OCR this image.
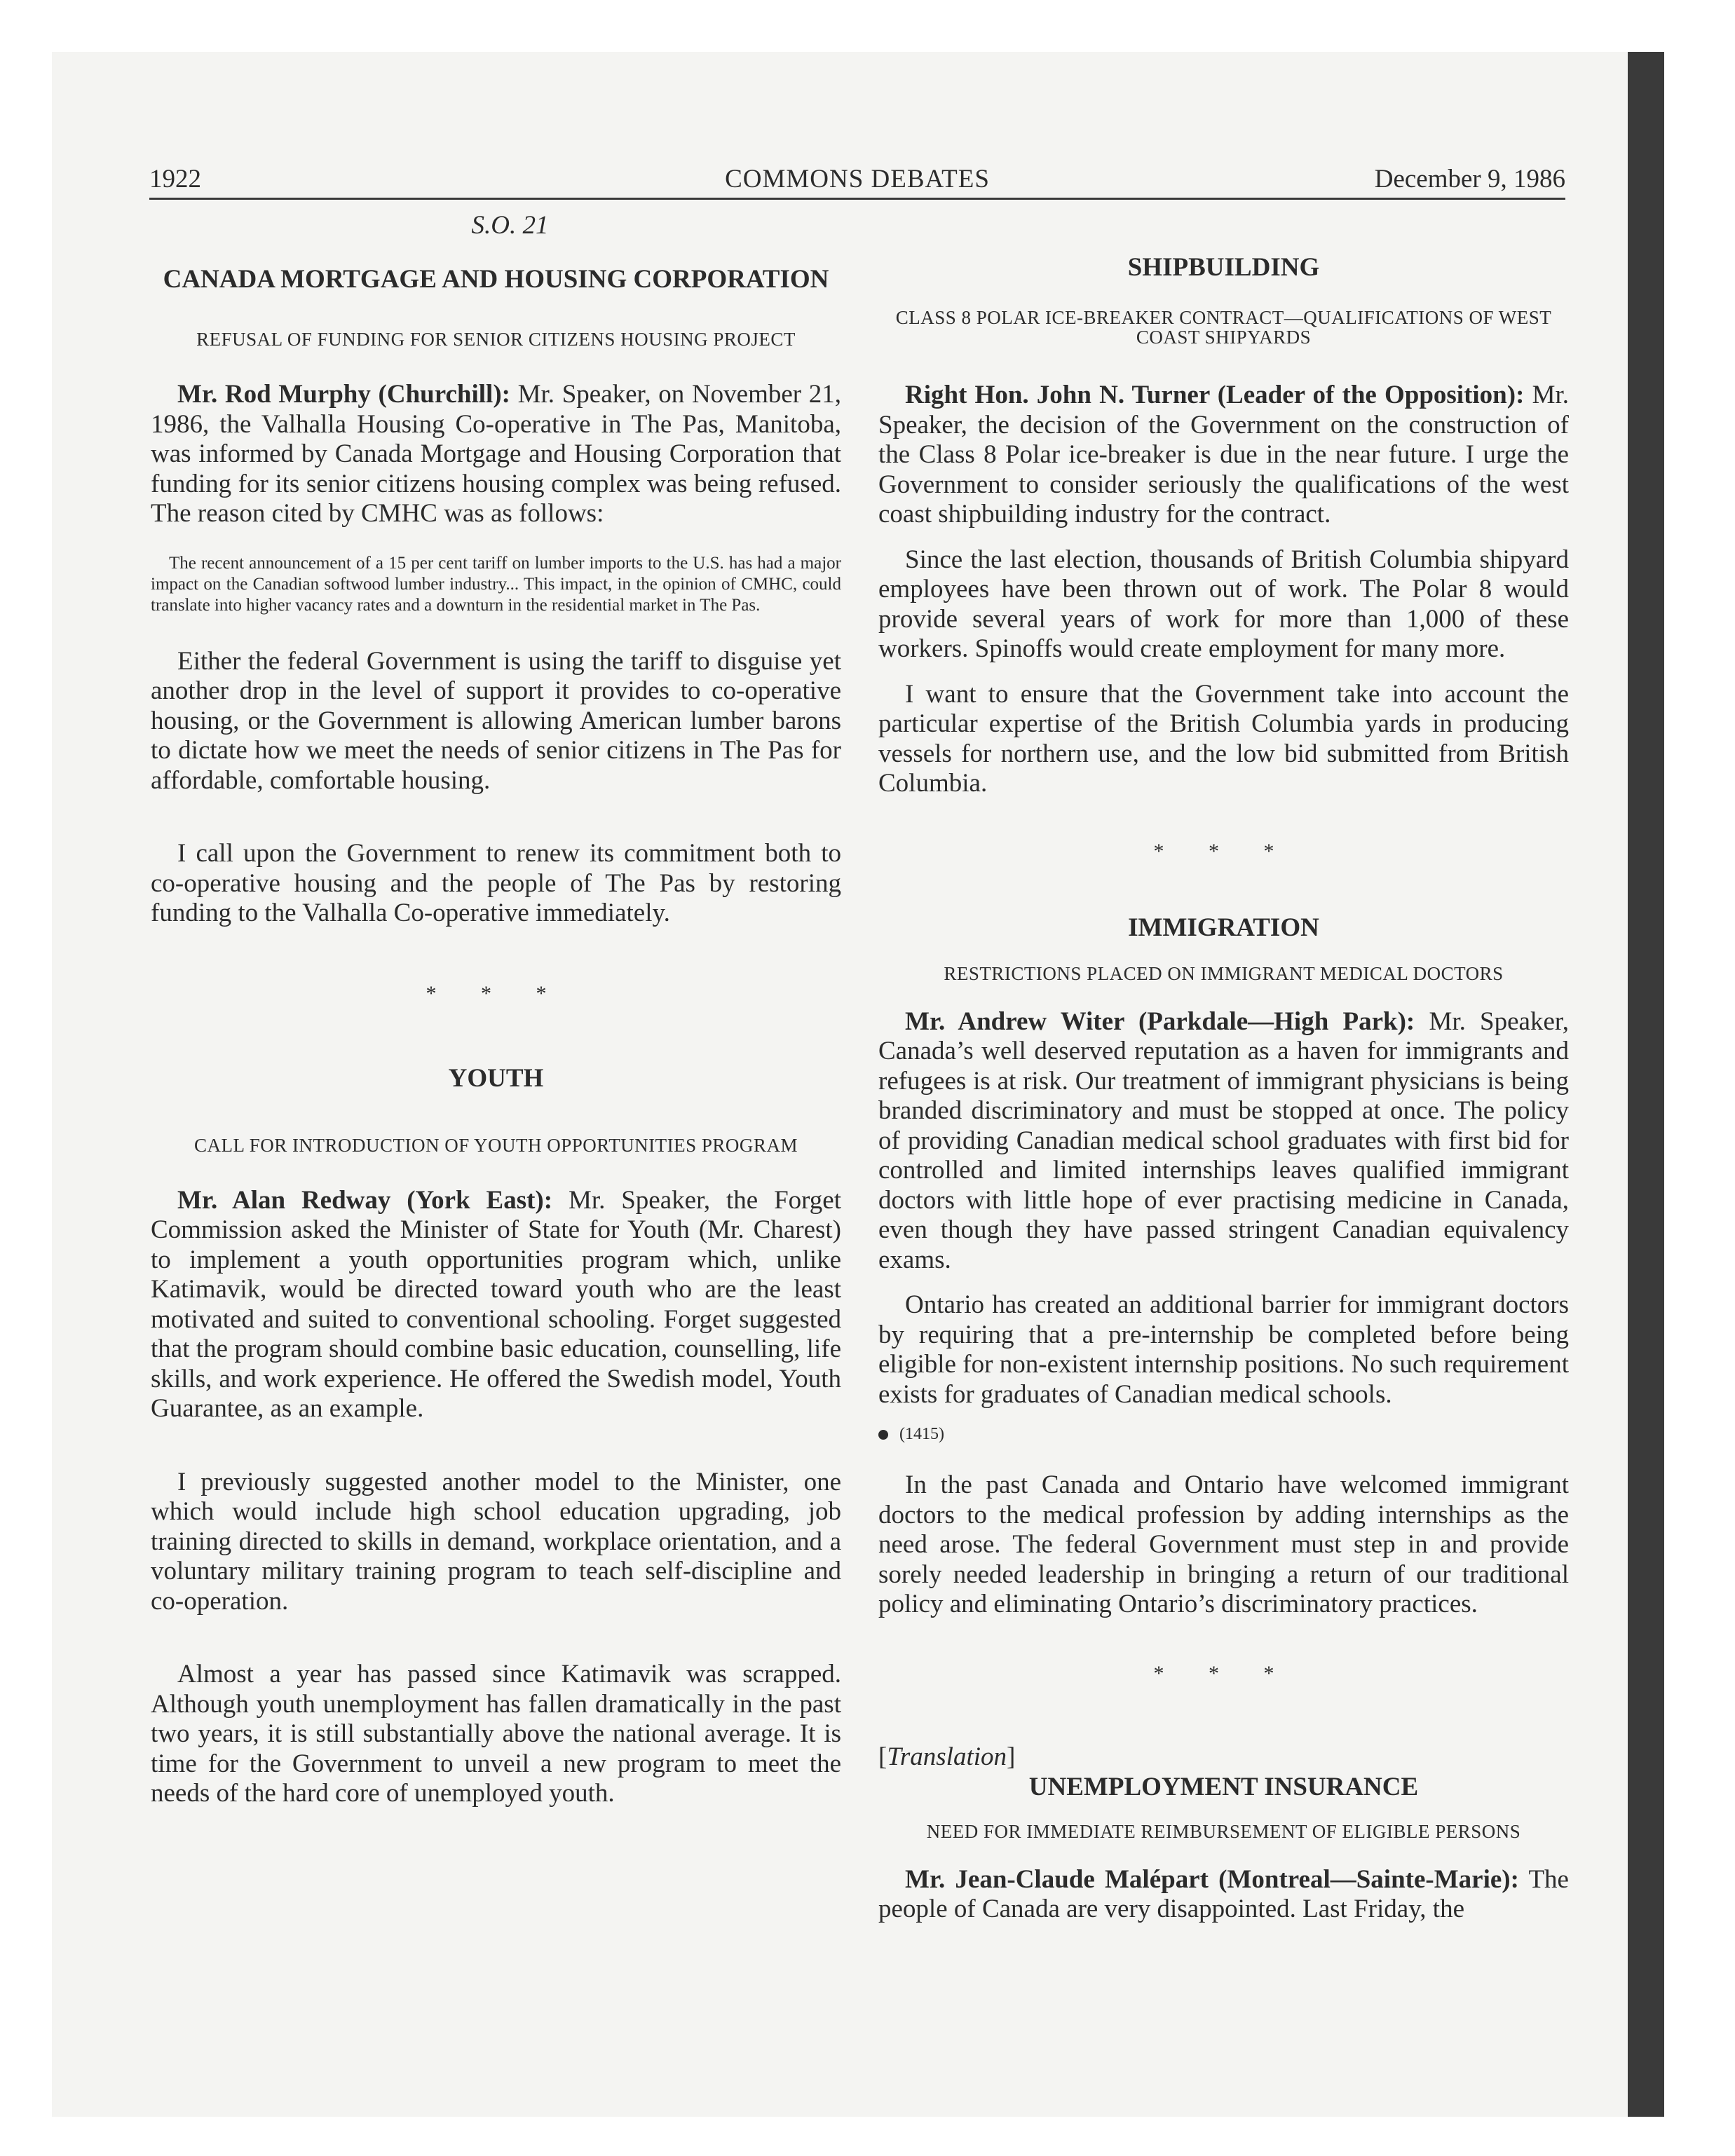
COMMONS DEBATES
1922	December 9, 1986
S.O. 21
CANADA MORTGAGE AND HOUSING CORPORATION
REFUSAL OF FUNDING FOR SENIOR CITIZENS HOUSING PROJECT

Mr. Rod Murphy (Churchill): Mr. Speaker, on November 21, 1986, the Valhalla Housing Co-operative in The Pas, Manitoba, was informed by Canada Mortgage and Housing Corporation that funding for its senior citizens housing complex was being refused. The reason cited by CMHC was as follows:

The recent announcement of a 15 per cent tariff on lumber imports to the U.S. has had a major impact on the Canadian softwood lumber industry... This impact, in the opinion of CMHC, could translate into higher vacancy rates and a downturn in the residential market in The Pas.

Either the federal Government is using the tariff to disguise yet another drop in the level of support it provides to co-operative housing, or the Government is allowing American lumber barons to dictate how we meet the needs of senior citizens in The Pas for affordable, comfortable housing.

I call upon the Government to renew its commitment both to co-operative housing and the people of The Pas by restoring funding to the Valhalla Co-operative immediately.

* * *
YOUTH
CALL FOR INTRODUCTION OF YOUTH OPPORTUNITIES PROGRAM

Mr. Alan Redway (York East): Mr. Speaker, the Forget Commission asked the Minister of State for Youth (Mr. Charest) to implement a youth opportunities program which, unlike Katimavik, would be directed toward youth who are the least motivated and suited to conventional schooling. Forget suggested that the program should combine basic education, counselling, life skills, and work experience. He offered the Swedish model, Youth Guarantee, as an example.

I previously suggested another model to the Minister, one which would include high school education upgrading, job training directed to skills in demand, workplace orientation, and a voluntary military training program to teach self-discipline and co-operation.

Almost a year has passed since Katimavik was scrapped. Although youth unemployment has fallen dramatically in the past two years, it is still substantially above the national average. It is time for the Government to unveil a new program to meet the needs of the hard core of unemployed youth.

SHIPBUILDING
CLASS 8 POLAR ICE-BREAKER CONTRACT—QUALIFICATIONS OF WEST COAST SHIPYARDS

Right Hon. John N. Turner (Leader of the Opposition): Mr. Speaker, the decision of the Government on the construction of the Class 8 Polar ice-breaker is due in the near future. I urge the Government to consider seriously the qualifications of the west coast shipbuilding industry for the contract.

Since the last election, thousands of British Columbia shipyard employees have been thrown out of work. The Polar 8 would provide several years of work for more than 1,000 of these workers. Spinoffs would create employment for many more.

I want to ensure that the Government take into account the particular expertise of the British Columbia yards in producing vessels for northern use, and the low bid submitted from British Columbia.

* * *
IMMIGRATION
RESTRICTIONS PLACED ON IMMIGRANT MEDICAL DOCTORS

Mr. Andrew Witer (Parkdale—High Park): Mr. Speaker, Canada’s well deserved reputation as a haven for immigrants and refugees is at risk. Our treatment of immigrant physicians is being branded discriminatory and must be stopped at once. The policy of providing Canadian medical school graduates with first bid for controlled and limited internships leaves qualified immigrant doctors with little hope of ever practising medicine in Canada, even though they have passed stringent Canadian equivalency exams.

Ontario has created an additional barrier for immigrant doctors by requiring that a pre-internship be completed before being eligible for non-existent internship positions. No such requirement exists for graduates of Canadian medical schools.

(1415)

In the past Canada and Ontario have welcomed immigrant doctors to the medical profession by adding internships as the need arose. The federal Government must step in and provide sorely needed leadership in bringing a return of our traditional policy and eliminating Ontario’s discriminatory practices.

* * *
[Translation]
UNEMPLOYMENT INSURANCE
NEED FOR IMMEDIATE REIMBURSEMENT OF ELIGIBLE PERSONS

Mr. Jean-Claude Malépart (Montreal—Sainte-Marie): The people of Canada are very disappointed. Last Friday, the
